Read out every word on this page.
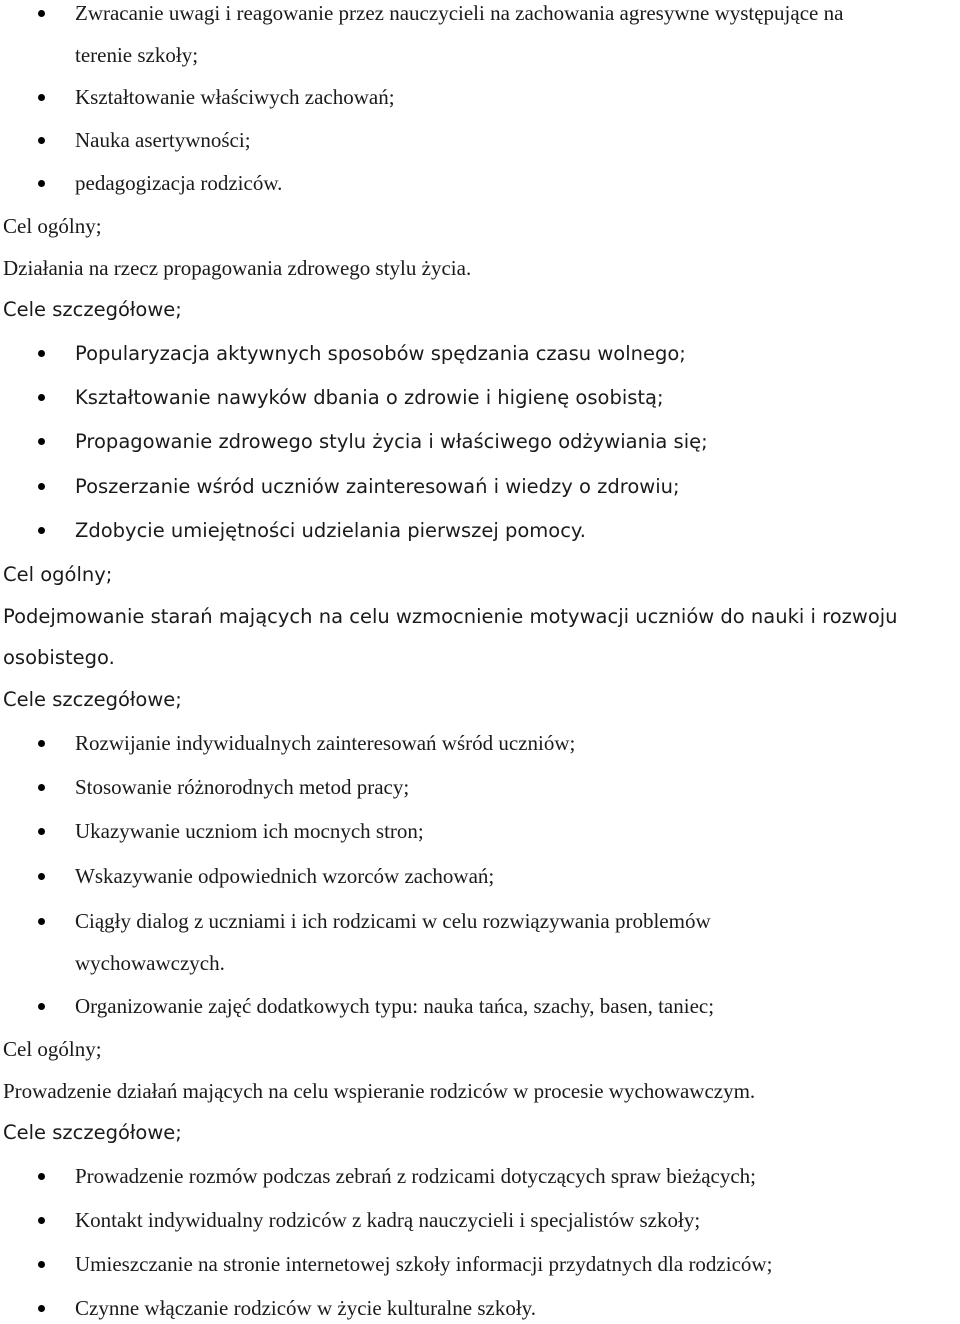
Zwracanie uwagi i reagowanie przez nauczycieli na zachowania agresywne występujące na
terenie szkoły;
Kształtowanie właściwych zachowań;
Nauka asertywności;
pedagogizacja rodziców.
Cel ogólny;
Działania na rzecz propagowania zdrowego stylu życia.
Cele szczegółowe;
Popularyzacja aktywnych sposobów spędzania czasu wolnego;
Kształtowanie nawyków dbania o zdrowie i higienę osobistą;
Propagowanie zdrowego stylu życia i właściwego odżywiania się;
Poszerzanie wśród uczniów zainteresowań i wiedzy o zdrowiu;
Zdobycie umiejętności udzielania pierwszej pomocy.
Cel ogólny;
Podejmowanie starań mających na celu wzmocnienie motywacji uczniów do nauki i rozwoju
osobistego.
Cele szczegółowe;
Rozwijanie indywidualnych zainteresowań wśród uczniów;
Stosowanie różnorodnych metod pracy;
Ukazywanie uczniom ich mocnych stron;
Wskazywanie odpowiednich wzorców zachowań;
Ciągły dialog z uczniami i ich rodzicami w celu rozwiązywania problemów
wychowawczych.
Organizowanie zajęć dodatkowych typu: nauka tańca, szachy, basen, taniec;
Cel ogólny;
Prowadzenie działań mających na celu wspieranie rodziców w procesie wychowawczym.
Cele szczegółowe;
Prowadzenie rozmów podczas zebrań z rodzicami dotyczących spraw bieżących;
Kontakt indywidualny rodziców z kadrą nauczycieli i specjalistów szkoły;
Umieszczanie na stronie internetowej szkoły informacji przydatnych dla rodziców;
Czynne włączanie rodziców w życie kulturalne szkoły.
